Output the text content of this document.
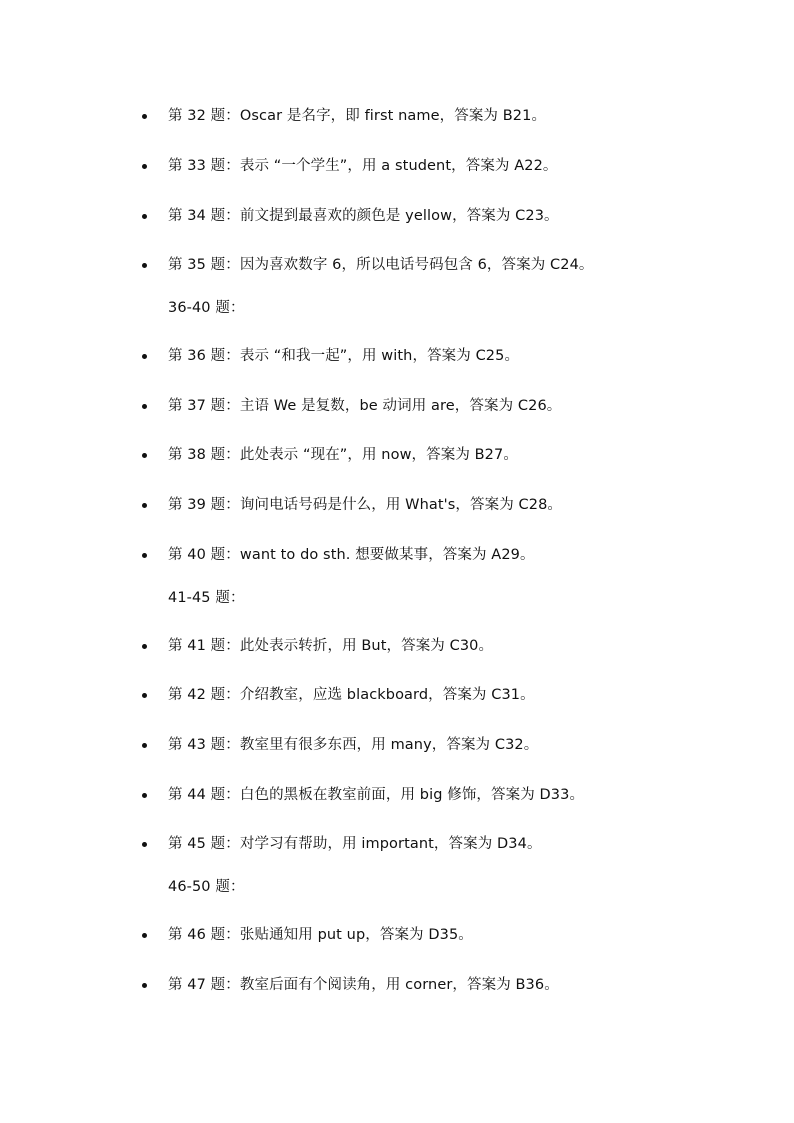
第 32 题：Oscar 是名字，即 first name，答案为 B21。
第 33 题：表示 “一个学生”，用 a student，答案为 A22。
第 34 题：前文提到最喜欢的颜色是 yellow，答案为 C23。
第 35 题：因为喜欢数字 6，所以电话号码包含 6，答案为 C24。
36-40 题：
第 36 题：表示 “和我一起”，用 with，答案为 C25。
第 37 题：主语 We 是复数，be 动词用 are，答案为 C26。
第 38 题：此处表示 “现在”，用 now，答案为 B27。
第 39 题：询问电话号码是什么，用 What's，答案为 C28。
第 40 题：want to do sth. 想要做某事，答案为 A29。
41-45 题：
第 41 题：此处表示转折，用 But，答案为 C30。
第 42 题：介绍教室，应选 blackboard，答案为 C31。
第 43 题：教室里有很多东西，用 many，答案为 C32。
第 44 题：白色的黑板在教室前面，用 big 修饰，答案为 D33。
第 45 题：对学习有帮助，用 important，答案为 D34。
46-50 题：
第 46 题：张贴通知用 put up，答案为 D35。
第 47 题：教室后面有个阅读角，用 corner，答案为 B36。
